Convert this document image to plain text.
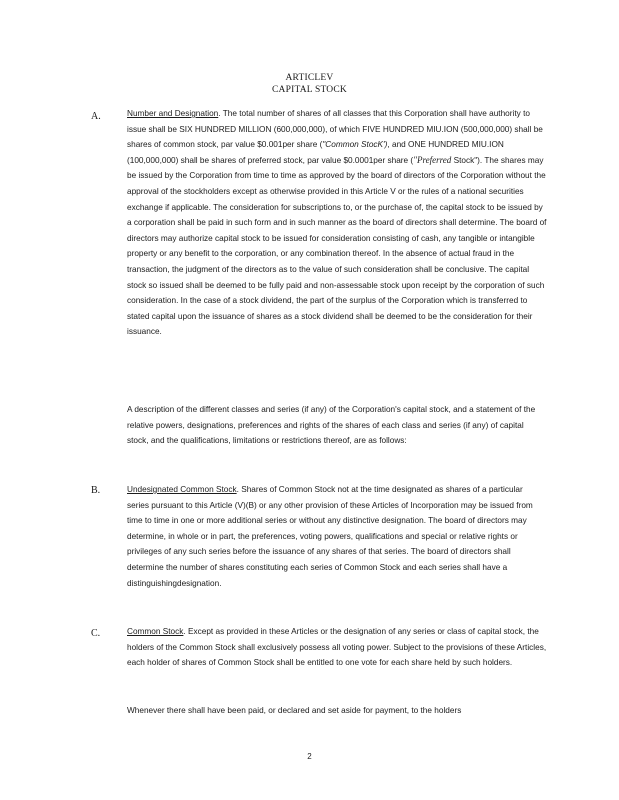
ARTICLEV
CAPITAL STOCK
A.	Number and Designation. The total number of shares of all classes that this Corporation shall have authority to issue shall be SIX HUNDRED MILLION (600,000,000), of which FIVE HUNDRED MIU.ION (500,000,000) shall be shares of common stock, par value $0.001per share ("Common StocK'), and ONE HUNDRED MIU.ION (100,000,000) shall be shares of preferred stock, par value $0.0001per share ("Preferred Stock"). The shares may be issued by the Corporation from time to time as approved by the board of directors of the Corporation without the approval of the stockholders except as otherwise provided in this Article V or the rules of a national securities exchange if applicable. The consideration for subscriptions to, or the purchase of, the capital stock to be issued by a corporation shall be paid in such form and in such manner as the board of directors shall determine. The board of directors may authorize capital stock to be issued for consideration consisting of cash, any tangible or intangible property or any benefit to the corporation, or any combination thereof. In the absence of actual fraud in the transaction, the judgment of the directors as to the value of such consideration shall be conclusive. The capital stock so issued shall be deemed to be fully paid and non-assessable stock upon receipt by the corporation of such consideration. In the case of a stock dividend, the part of the surplus of the Corporation which is transferred to stated capital upon the issuance of shares as a stock dividend shall be deemed to be the consideration for their issuance.
A description of the different classes and series (if any) of the Corporation's capital stock, and a statement of the relative powers, designations, preferences and rights of the shares of each class and series (if any) of capital stock, and the qualifications, limitations or restrictions thereof, are as follows:
B.	Undesignated Common Stock. Shares of Common Stock not at the time designated as shares of a particular series pursuant to this Article (V)(B) or any other provision of these Articles of Incorporation may be issued from time to time in one or more additional series or without any distinctive designation. The board of directors may determine, in whole or in part, the preferences, voting powers, qualifications and special or relative rights or privileges of any such series before the issuance of any shares of that series. The board of directors shall determine the number of shares constituting each series of Common Stock and each series shall have a distinguishingdesignation.
C.	Common Stock. Except as provided in these Articles or the designation of any series or class of capital stock, the holders of the Common Stock shall exclusively possess all voting power. Subject to the provisions of these Articles, each holder of shares of Common Stock shall be entitled to one vote for each share held by such holders.
Whenever there shall have been paid, or declared and set aside for payment, to the holders
2
